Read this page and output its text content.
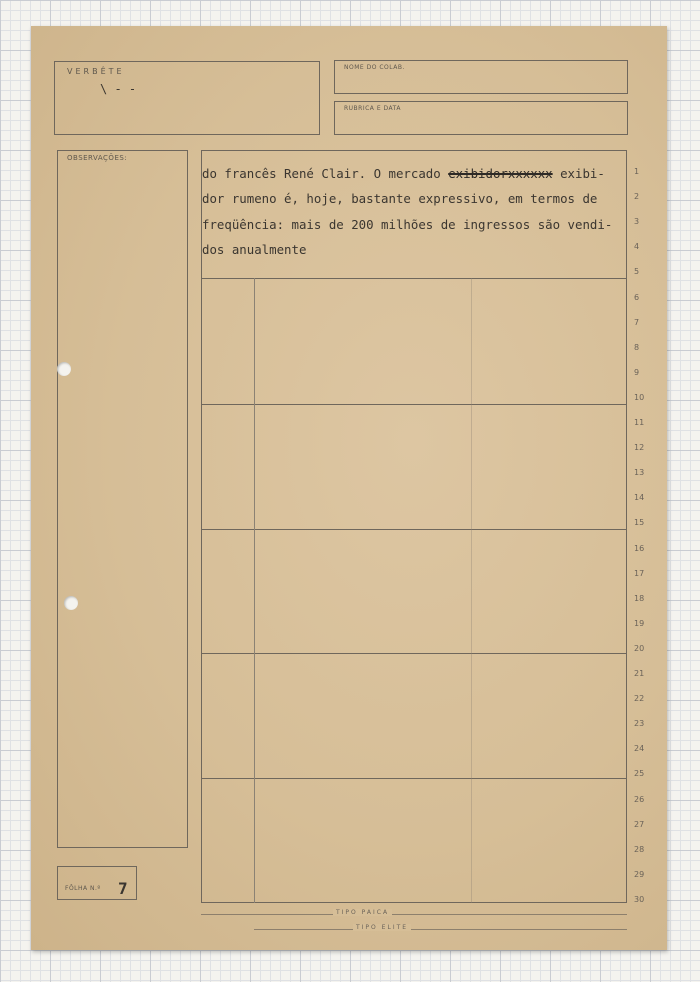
VERBÊTE
\ - -
NOME DO COLAB.
RUBRICA E DATA
OBSERVAÇÕES:
FÔLHA N.º 7
TIPO PAICA
TIPO ELITE
do francês René Clair. O mercado exibidorxxxxxx exibi-
dor rumeno é, hoje, bastante expressivo, em termos de
freqüência: mais de 200 milhões de ingressos são vendi-
dos anualmente
1
2
3
4
5
6
7
8
9
10
11
12
13
14
15
16
17
18
19
20
21
22
23
24
25
26
27
28
29
30
